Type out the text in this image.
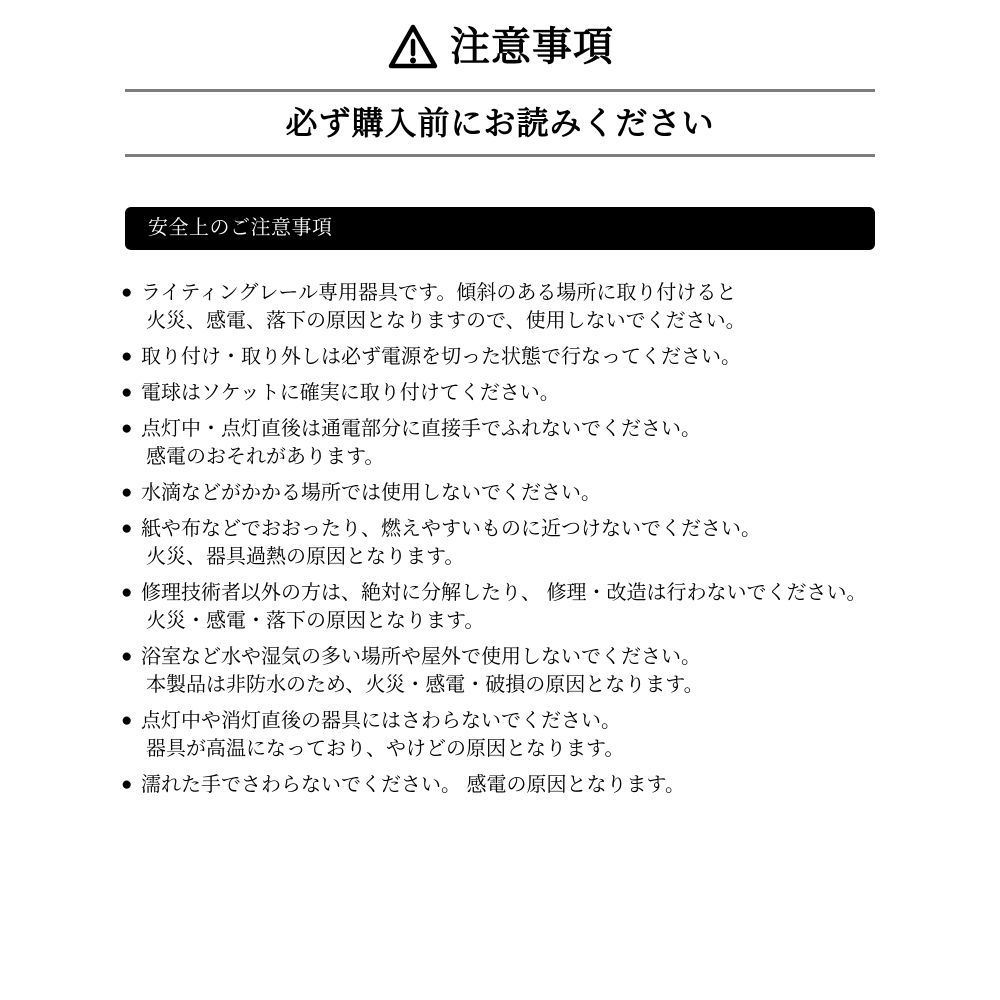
注意事項
必ず購入前にお読みください
安全上のご注意事項
● ライティングレール専用器具です。傾斜のある場所に取り付けると
火災、感電、落下の原因となりますので、使用しないでください。
● 取り付け・取り外しは必ず電源を切った状態で行なってください。
● 電球はソケットに確実に取り付けてください。
● 点灯中・点灯直後は通電部分に直接手でふれないでください。
感電のおそれがあります。
● 水滴などがかかる場所では使用しないでください。
● 紙や布などでおおったり、燃えやすいものに近つけないでください。
火災、器具過熱の原因となります。
● 修理技術者以外の方は、絶対に分解したり、 修理・改造は行わないでください。
火災・感電・落下の原因となります。
● 浴室など水や湿気の多い場所や屋外で使用しないでください。
本製品は非防水のため、火災・感電・破損の原因となります。
● 点灯中や消灯直後の器具にはさわらないでください。
器具が高温になっており、やけどの原因となります。
● 濡れた手でさわらないでください。 感電の原因となります。
